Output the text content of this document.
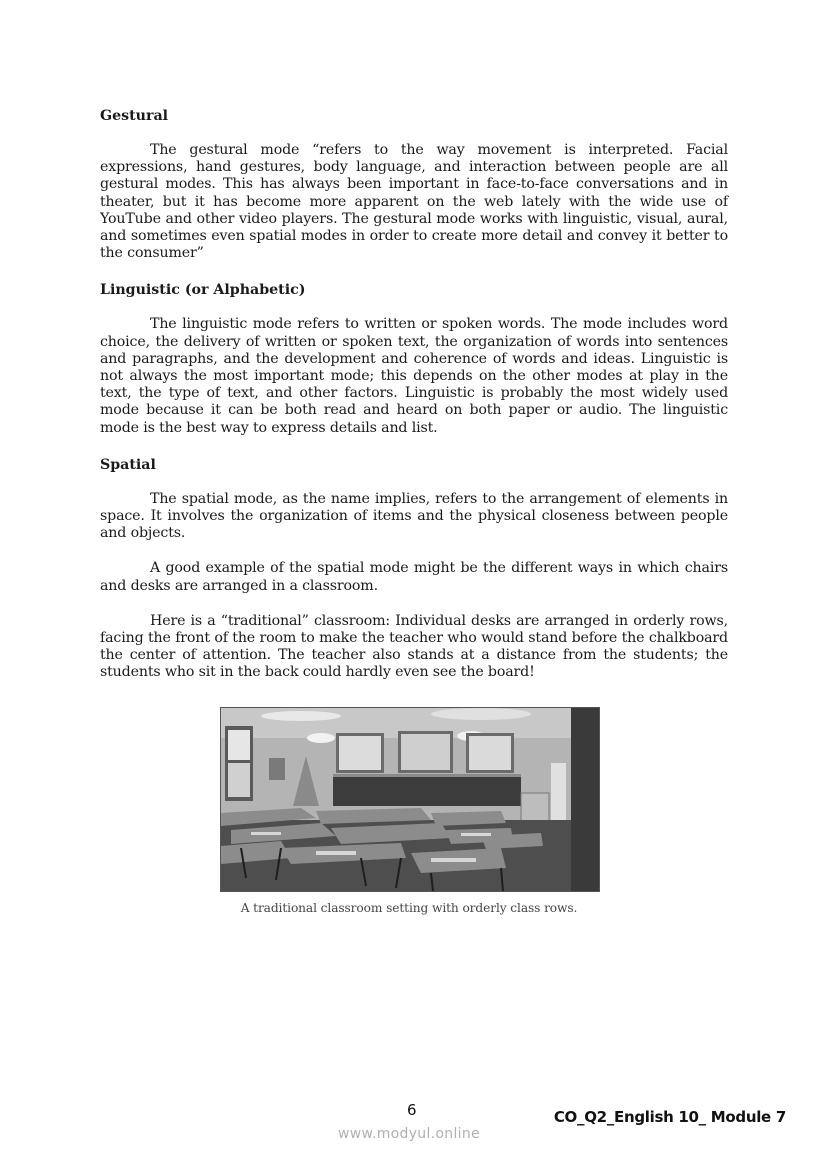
Gestural

The gestural mode “refers to the way movement is interpreted. Facial expressions, hand gestures, body language, and interaction between people are all gestural modes. This has always been important in face-to-face conversations and in theater, but it has become more apparent on the web lately with the wide use of YouTube and other video players. The gestural mode works with linguistic, visual, aural, and sometimes even spatial modes in order to create more detail and convey it better to the consumer”

Linguistic (or Alphabetic)

The linguistic mode refers to written or spoken words. The mode includes word choice, the delivery of written or spoken text, the organization of words into sentences and paragraphs, and the development and coherence of words and ideas. Linguistic is not always the most important mode; this depends on the other modes at play in the text, the type of text, and other factors. Linguistic is probably the most widely used mode because it can be both read and heard on both paper or audio. The linguistic mode is the best way to express details and list.

Spatial

The spatial mode, as the name implies, refers to the arrangement of elements in space. It involves the organization of items and the physical closeness between people and objects.

A good example of the spatial mode might be the different ways in which chairs and desks are arranged in a classroom.

Here is a “traditional” classroom: Individual desks are arranged in orderly rows, facing the front of the room to make the teacher who would stand before the chalkboard the center of attention. The teacher also stands at a distance from the students; the students who sit in the back could hardly even see the board!

A traditional classroom setting with orderly class rows.
6	CO_Q2_English 10_ Module 7
www.modyul.online
